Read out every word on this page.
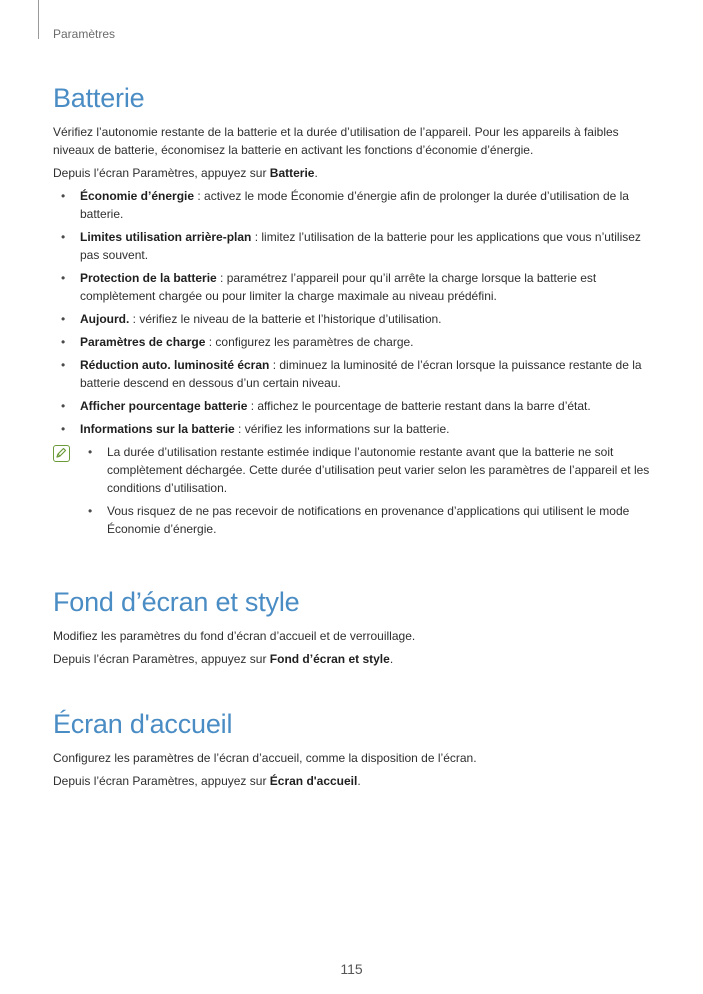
Paramètres
Batterie

Vérifiez l’autonomie restante de la batterie et la durée d’utilisation de l’appareil. Pour les appareils à faibles niveaux de batterie, économisez la batterie en activant les fonctions d’économie d’énergie.

Depuis l’écran Paramètres, appuyez sur Batterie.

• Économie d’énergie : activez le mode Économie d’énergie afin de prolonger la durée d’utilisation de la batterie.
• Limites utilisation arrière-plan : limitez l’utilisation de la batterie pour les applications que vous n’utilisez pas souvent.
• Protection de la batterie : paramétrez l’appareil pour qu’il arrête la charge lorsque la batterie est complètement chargée ou pour limiter la charge maximale au niveau prédéfini.
• Aujourd. : vérifiez le niveau de la batterie et l’historique d’utilisation.
• Paramètres de charge : configurez les paramètres de charge.
• Réduction auto. luminosité écran : diminuez la luminosité de l’écran lorsque la puissance restante de la batterie descend en dessous d’un certain niveau.
• Afficher pourcentage batterie : affichez le pourcentage de batterie restant dans la barre d’état.
• Informations sur la batterie : vérifiez les informations sur la batterie.
• La durée d’utilisation restante estimée indique l’autonomie restante avant que la batterie ne soit complètement déchargée. Cette durée d’utilisation peut varier selon les paramètres de l’appareil et les conditions d’utilisation.
• Vous risquez de ne pas recevoir de notifications en provenance d’applications qui utilisent le mode Économie d’énergie.
Fond d’écran et style

Modifiez les paramètres du fond d’écran d’accueil et de verrouillage.

Depuis l’écran Paramètres, appuyez sur Fond d’écran et style.

Écran d'accueil

Configurez les paramètres de l’écran d’accueil, comme la disposition de l’écran.

Depuis l’écran Paramètres, appuyez sur Écran d'accueil.

115
